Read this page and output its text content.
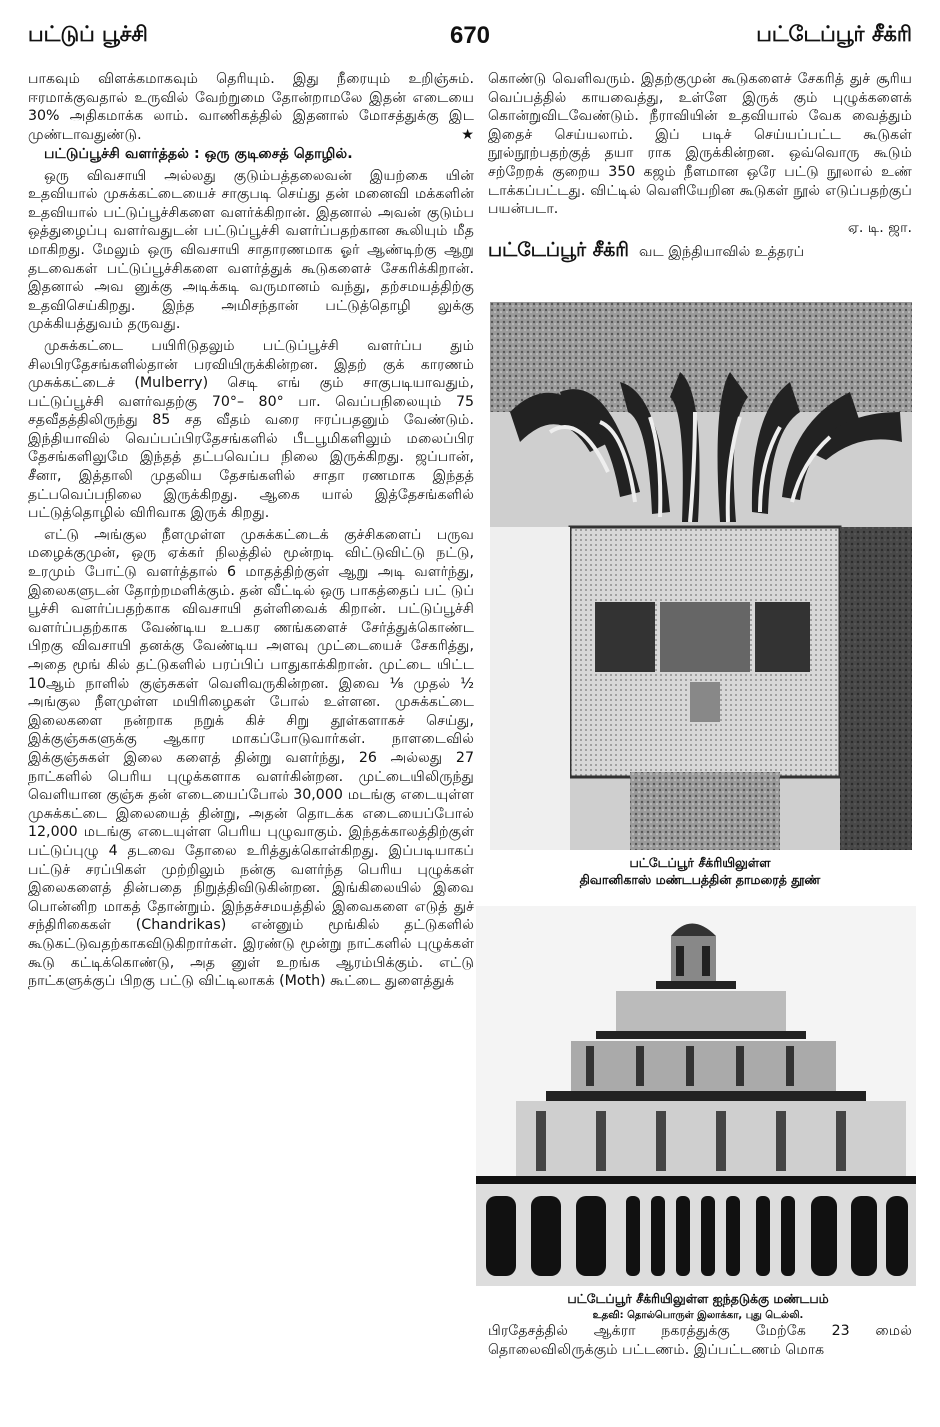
பட்டுப் பூச்சி	670	பட்டேப்பூர் சீக்ரி

பாகவும் விளக்கமாகவும் தெரியும். இது நீரையும் உறிஞ்சும். ஈரமாக்குவதால் உருவில் வேற்றுமை தோன்றாமலே இதன் எடையை 30% அதிகமாக்க லாம். வாணிகத்தில் இதனால் மோசத்துக்கு இட முண்டாவதுண்டு.	★

பட்டுப்பூச்சி வளர்த்தல் : ஒரு குடிசைத் தொழில்.

ஒரு விவசாயி அல்லது குடும்பத்தலைவன் இயற்கை யின் உதவியால் முசுக்கட்டையைச் சாகுபடி செய்து தன் மனைவி மக்களின் உதவியால் பட்டுப்பூச்சிகளை வளர்க்கிறான். இதனால் அவன் குடும்ப ஒத்துழைப்பு வளர்வதுடன் பட்டுப்பூச்சி வளர்ப்பதற்கான கூலியும் மீத மாகிறது. மேலும் ஒரு விவசாயி சாதாரணமாக ஓர் ஆண்டிற்கு ஆறு தடவைகள் பட்டுப்பூச்சிகளை வளர்த்துக் கூடுகளைச் சேகரிக்கிறான். இதனால் அவ னுக்கு அடிக்கடி வருமானம் வந்து, தற்சமயத்திற்கு உதவிசெய்கிறது. இந்த அமிசந்தான் பட்டுத்தொழி லுக்கு முக்கியத்துவம் தருவது.

முசுக்கட்டை பயிரிடுதலும் பட்டுப்பூச்சி வளர்ப்ப தும் சிலபிரதேசங்களில்தான் பரவியிருக்கின்றன. இதற் குக் காரணம் முசுக்கட்டைச் (Mulberry) செடி எங் கும் சாகுபடியாவதும், பட்டுப்பூச்சி வளர்வதற்கு 70°– 80° பா. வெப்பநிலையும் 75 சதவீதத்திலிருந்து 85 சத வீதம் வரை ஈரப்பதனும் வேண்டும். இந்தியாவில் வெப்பப்பிரதேசங்களில் பீடபூமிகளிலும் மலைப்பிர தேசங்களிலுமே இந்தத் தட்பவெப்ப நிலை இருக்கிறது. ஜப்பான், சீனா, இத்தாலி முதலிய தேசங்களில் சாதா ரணமாக இந்தத் தட்பவெப்பநிலை இருக்கிறது. ஆகை யால் இத்தேசங்களில் பட்டுத்தொழில் விரிவாக இருக் கிறது.

எட்டு அங்குல நீளமுள்ள முசுக்கட்டைக் குச்சிகளைப் பருவ மழைக்குமுன், ஒரு ஏக்கர் நிலத்தில் மூன்றடி விட்டுவிட்டு நட்டு, உரமும் போட்டு வளர்த்தால் 6 மாதத்திற்குள் ஆறு அடி வளர்ந்து, இலைகளுடன் தோற்றமளிக்கும். தன் வீட்டில் ஒரு பாகத்தைப் பட் டுப் பூச்சி வளர்ப்பதற்காக விவசாயி தள்ளிவைக் கிறான். பட்டுப்பூச்சி வளர்ப்பதற்காக வேண்டிய உபகர ணங்களைச் சேர்த்துக்கொண்ட பிறகு விவசாயி தனக்கு வேண்டிய அளவு முட்டையைச் சேகரித்து, அதை மூங் கில் தட்டுகளில் பரப்பிப் பாதுகாக்கிறான். முட்டை யிட்ட 10ஆம் நாளில் குஞ்சுகள் வெளிவருகின்றன. இவை ⅛ முதல் ½ அங்குல நீளமுள்ள மயிரிழைகள் போல் உள்ளன. முசுக்கட்டை இலைகளை நன்றாக நறுக் கிச் சிறு தூள்களாகச் செய்து, இக்குஞ்சுகளுக்கு ஆகார மாகப்போடுவார்கள். நாளடைவில் இக்குஞ்சுகள் இலை களைத் தின்று வளர்ந்து, 26 அல்லது 27 நாட்களில் பெரிய புழுக்களாக வளர்கின்றன. முட்டையிலிருந்து வெளியான குஞ்சு தன் எடையைப்போல் 30,000 மடங்கு எடையுள்ள முசுக்கட்டை இலையைத் தின்று, அதன் தொடக்க எடையைப்போல் 12,000 மடங்கு எடையுள்ள பெரிய புழுவாகும். இந்தக்காலத்திற்குள் பட்டுப்புழு 4 தடவை தோலை உரித்துக்கொள்கிறது. இப்படியாகப் பட்டுச் சரப்பிகள் முற்றிலும் நன்கு வளர்ந்த பெரிய புழுக்கள் இலைகளைத் தின்பதை நிறுத்திவிடுகின்றன. இங்கிலையில் இவை பொன்னிற மாகத் தோன்றும். இந்தச்சமயத்தில் இவைகளை எடுத் துச் சந்திரிகைகள் (Chandrikas) என்னும் மூங்கில் தட்டுகளில் கூடுகட்டுவதற்காகவிடுகிறார்கள். இரண்டு மூன்று நாட்களில் புழுக்கள் கூடு கட்டிக்கொண்டு, அத னுள் உறங்க ஆரம்பிக்கும். எட்டு நாட்களுக்குப் பிறகு பட்டு விட்டிலாகக் (Moth) கூட்டை துளைத்துக்

கொண்டு வெளிவரும். இதற்குமுன் கூடுகளைச் சேகரித் துச் சூரிய வெப்பத்தில் காயவைத்து, உள்ளே இருக் கும் புழுக்களைக் கொன்றுவிடவேண்டும். நீராவியின் உதவியால் வேக வைத்தும் இதைச் செய்யலாம். இப் படிச் செய்யப்பட்ட கூடுகள் நூல்நூற்பதற்குத் தயா ராக இருக்கின்றன. ஒவ்வொரு கூடும் சற்றேறக் குறைய 350 கஜம் நீளமான ஒரே பட்டு நூலால் உண் டாக்கப்பட்டது. விட்டில் வெளியேறின கூடுகள் நூல் எடுப்பதற்குப் பயன்படா.

ஏ. டி. ஜா.
பட்டேப்பூர் சீக்ரி வட இந்தியாவில் உத்தரப்
பட்டேப்பூர் சீக்ரியிலுள்ள
திவானிகாஸ் மண்டபத்தின் தாமரைத் தூண்
பட்டேப்பூர் சீக்ரியிலுள்ள ஐந்தடுக்கு மண்டபம்
உதவி: தொல்பொருள் இலாக்கா, புது டெல்லி.
பிரதேசத்தில் ஆக்ரா நகரத்துக்கு மேற்கே 23 மைல் தொலைவிலிருக்கும் பட்டணம். இப்பட்டணம் மொக
